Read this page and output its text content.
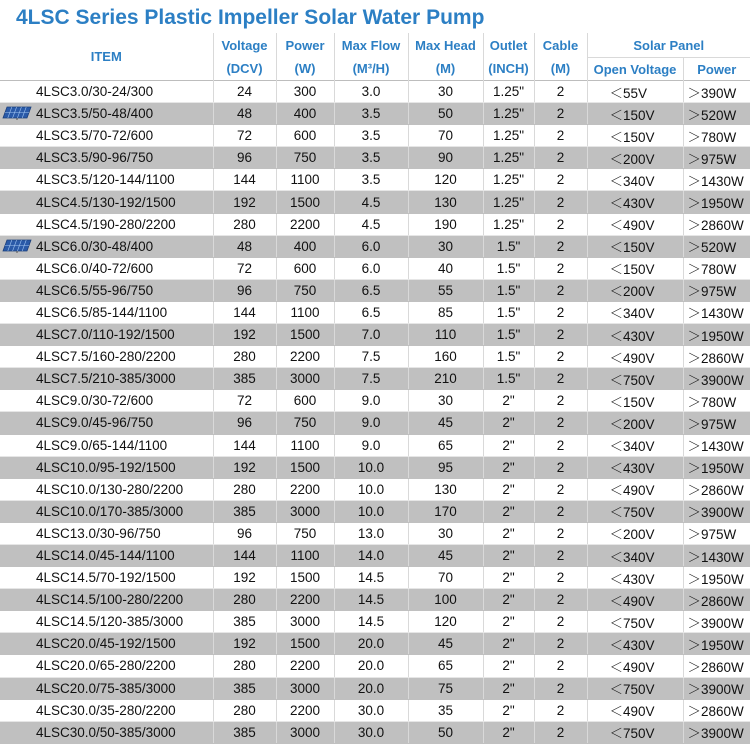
4LSC Series Plastic Impeller Solar Water Pump
ITEM	Voltage	Power	Max Flow	Max Head	Outlet	Cable	Solar Panel	
	(DCV)	(W)	(M³/H)	(M)	(INCH)	(M)	Open Voltage	Power
4LSC3.0/30-24/300	24	300	3.0	30	1.25"	2	＜55V	＞390W

4LSC3.5/50-48/400	48	400	3.5	50	1.25"	2	＜150V	＞520W
4LSC3.5/70-72/600	72	600	3.5	70	1.25"	2	＜150V	＞780W
4LSC3.5/90-96/750	96	750	3.5	90	1.25"	2	＜200V	＞975W
4LSC3.5/120-144/1100	144	1100	3.5	120	1.25"	2	＜340V	＞1430W
4LSC4.5/130-192/1500	192	1500	4.5	130	1.25"	2	＜430V	＞1950W
4LSC4.5/190-280/2200	280	2200	4.5	190	1.25"	2	＜490V	＞2860W

4LSC6.0/30-48/400	48	400	6.0	30	1.5"	2	＜150V	＞520W
4LSC6.0/40-72/600	72	600	6.0	40	1.5"	2	＜150V	＞780W
4LSC6.5/55-96/750	96	750	6.5	55	1.5"	2	＜200V	＞975W
4LSC6.5/85-144/1100	144	1100	6.5	85	1.5"	2	＜340V	＞1430W
4LSC7.0/110-192/1500	192	1500	7.0	110	1.5"	2	＜430V	＞1950W
4LSC7.5/160-280/2200	280	2200	7.5	160	1.5"	2	＜490V	＞2860W
4LSC7.5/210-385/3000	385	3000	7.5	210	1.5"	2	＜750V	＞3900W
4LSC9.0/30-72/600	72	600	9.0	30	2"	2	＜150V	＞780W
4LSC9.0/45-96/750	96	750	9.0	45	2"	2	＜200V	＞975W
4LSC9.0/65-144/1100	144	1100	9.0	65	2"	2	＜340V	＞1430W
4LSC10.0/95-192/1500	192	1500	10.0	95	2"	2	＜430V	＞1950W
4LSC10.0/130-280/2200	280	2200	10.0	130	2"	2	＜490V	＞2860W
4LSC10.0/170-385/3000	385	3000	10.0	170	2"	2	＜750V	＞3900W
4LSC13.0/30-96/750	96	750	13.0	30	2"	2	＜200V	＞975W
4LSC14.0/45-144/1100	144	1100	14.0	45	2"	2	＜340V	＞1430W
4LSC14.5/70-192/1500	192	1500	14.5	70	2"	2	＜430V	＞1950W
4LSC14.5/100-280/2200	280	2200	14.5	100	2"	2	＜490V	＞2860W
4LSC14.5/120-385/3000	385	3000	14.5	120	2"	2	＜750V	＞3900W
4LSC20.0/45-192/1500	192	1500	20.0	45	2"	2	＜430V	＞1950W
4LSC20.0/65-280/2200	280	2200	20.0	65	2"	2	＜490V	＞2860W
4LSC20.0/75-385/3000	385	3000	20.0	75	2"	2	＜750V	＞3900W
4LSC30.0/35-280/2200	280	2200	30.0	35	2"	2	＜490V	＞2860W
4LSC30.0/50-385/3000	385	3000	30.0	50	2"	2	＜750V	＞3900W
